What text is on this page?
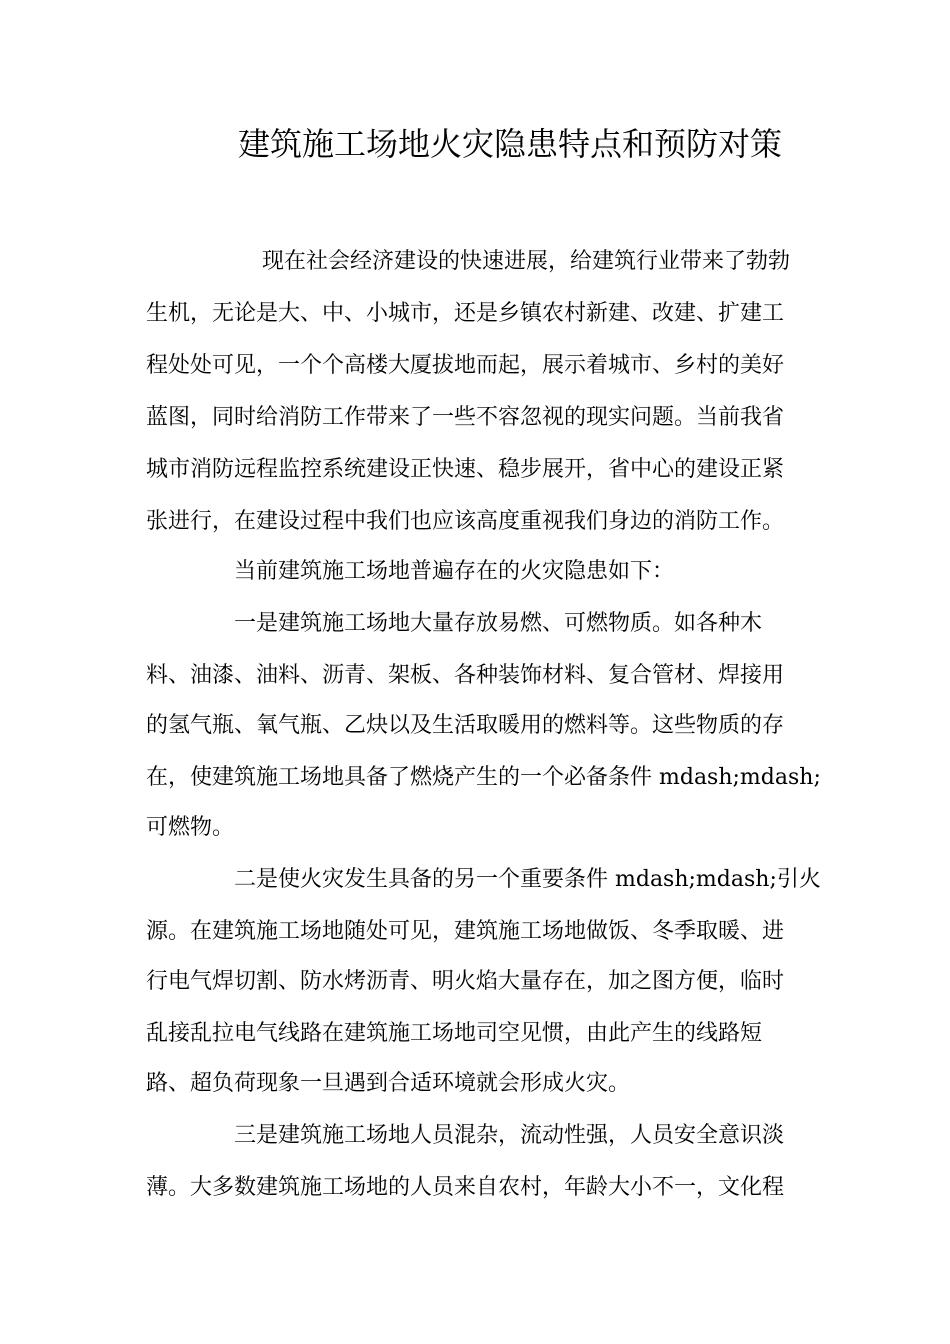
建筑施工场地火灾隐患特点和预防对策

现在社会经济建设的快速进展，给建筑行业带来了勃勃

生机，无论是大、中、小城市，还是乡镇农村新建、改建、扩建工

程处处可见，一个个高楼大厦拔地而起，展示着城市、乡村的美好

蓝图，同时给消防工作带来了一些不容忽视的现实问题。当前我省

城市消防远程监控系统建设正快速、稳步展开，省中心的建设正紧

张进行，在建设过程中我们也应该高度重视我们身边的消防工作。

当前建筑施工场地普遍存在的火灾隐患如下：

一是建筑施工场地大量存放易燃、可燃物质。如各种木

料、油漆、油料、沥青、架板、各种装饰材料、复合管材、焊接用

的氢气瓶、氧气瓶、乙炔以及生活取暖用的燃料等。这些物质的存

在，使建筑施工场地具备了燃烧产生的一个必备条件 mdash;mdash;

可燃物。

二是使火灾发生具备的另一个重要条件 mdash;mdash;引火

源。在建筑施工场地随处可见，建筑施工场地做饭、冬季取暖、进

行电气焊切割、防水烤沥青、明火焰大量存在，加之图方便，临时

乱接乱拉电气线路在建筑施工场地司空见惯，由此产生的线路短

路、超负荷现象一旦遇到合适环境就会形成火灾。

三是建筑施工场地人员混杂，流动性强，人员安全意识淡

薄。大多数建筑施工场地的人员来自农村，年龄大小不一，文化程
